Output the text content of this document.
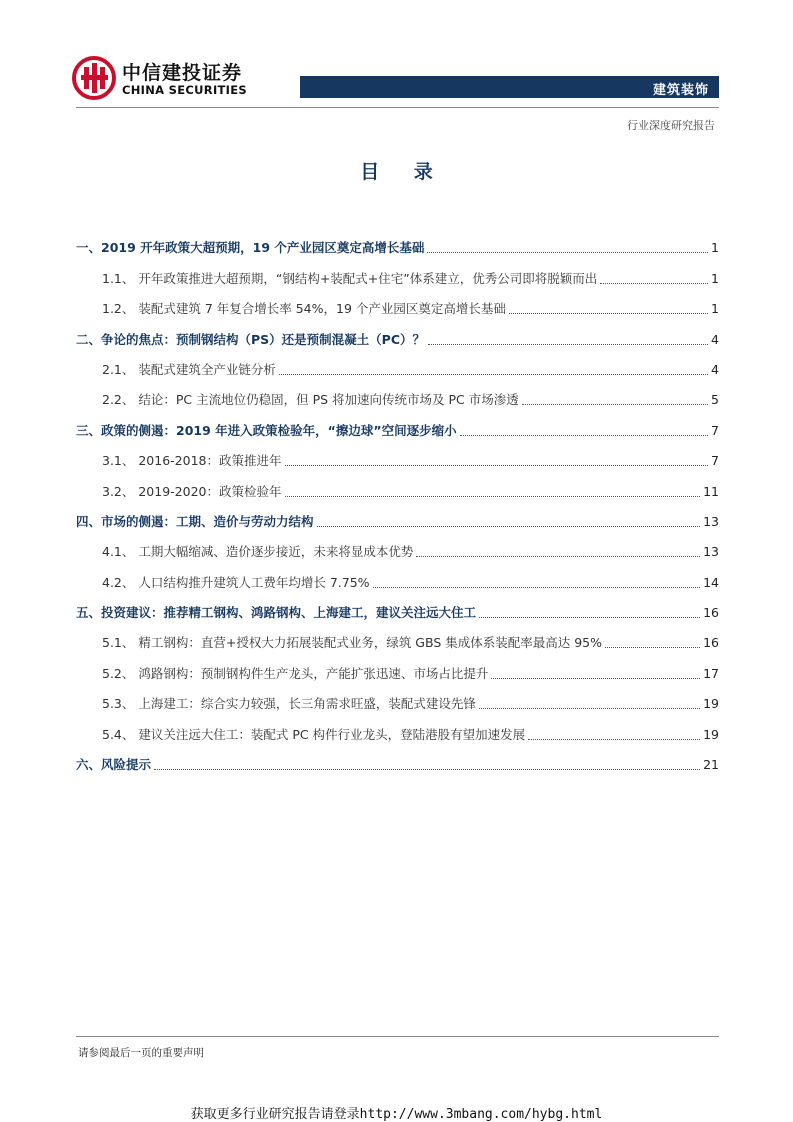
中信建投证券
CHINA SECURITIES	建筑装饰
行业深度研究报告
目 录
一、2019 开年政策大超预期，19 个产业园区奠定高增长基础	1
1.1、 开年政策推进大超预期，“钢结构+装配式+住宅”体系建立，优秀公司即将脱颖而出	1
1.2、 装配式建筑 7 年复合增长率 54%，19 个产业园区奠定高增长基础	1
二、争论的焦点：预制钢结构（PS）还是预制混凝土（PC）？	4
2.1、 装配式建筑全产业链分析	4
2.2、 结论：PC 主流地位仍稳固，但 PS 将加速向传统市场及 PC 市场渗透	5
三、政策的侧遏：2019 年进入政策检验年，“擦边球”空间逐步缩小	7
3.1、 2016-2018：政策推进年	7
3.2、 2019-2020：政策检验年	11
四、市场的侧遏：工期、造价与劳动力结构	13
4.1、 工期大幅缩减、造价逐步接近，未来将显成本优势	13
4.2、 人口结构推升建筑人工费年均增长 7.75%	14
五、投资建议：推荐精工钢构、鸿路钢构、上海建工，建议关注远大住工	16
5.1、 精工钢构：直营+授权大力拓展装配式业务，绿筑 GBS 集成体系装配率最高达 95%	16
5.2、 鸿路钢构：预制钢构件生产龙头，产能扩张迅速、市场占比提升	17
5.3、 上海建工：综合实力较强，长三角需求旺盛，装配式建设先锋	19
5.4、 建议关注远大住工：装配式 PC 构件行业龙头，登陆港股有望加速发展	19
六、风险提示	21
请参阅最后一页的重要声明
获取更多行业研究报告请登录http://www.3mbang.com/hybg.html
